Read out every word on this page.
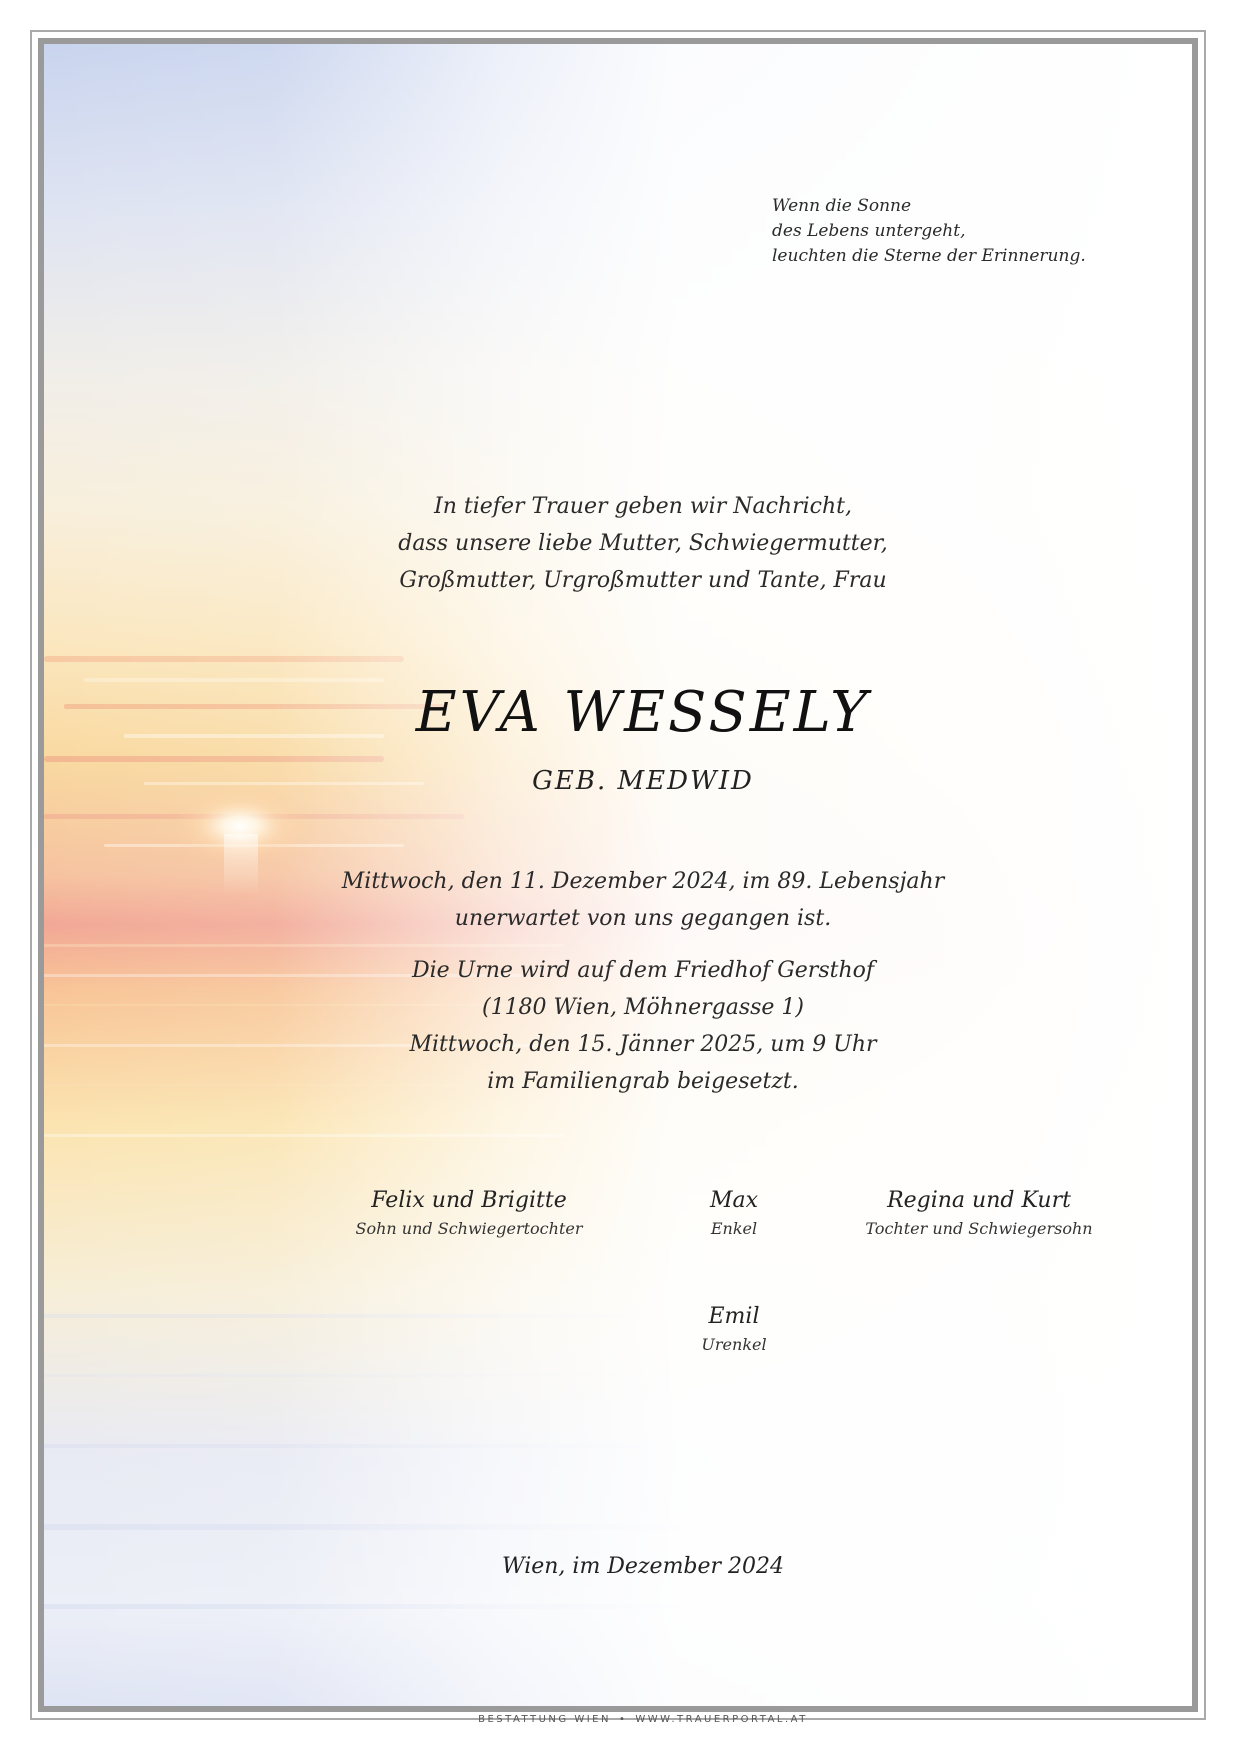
Wenn die Sonne
des Lebens untergeht,
leuchten die Sterne der Erinnerung.
In tiefer Trauer geben wir Nachricht,
dass unsere liebe Mutter, Schwiegermutter,
Großmutter, Urgroßmutter und Tante, Frau
EVA WESSELY
GEB. MEDWID
Mittwoch, den 11. Dezember 2024, im 89. Lebensjahr
unerwartet von uns gegangen ist.
Die Urne wird auf dem Friedhof Gersthof
(1180 Wien, Möhnergasse 1)
Mittwoch, den 15. Jänner 2025, um 9 Uhr
im Familiengrab beigesetzt.
Felix und Brigitte
Sohn und Schwiegertochter
Max
Enkel
Regina und Kurt
Tochter und Schwiegersohn
Emil
Urenkel
Wien, im Dezember 2024
BESTATTUNG WIEN • WWW.TRAUERPORTAL.AT
